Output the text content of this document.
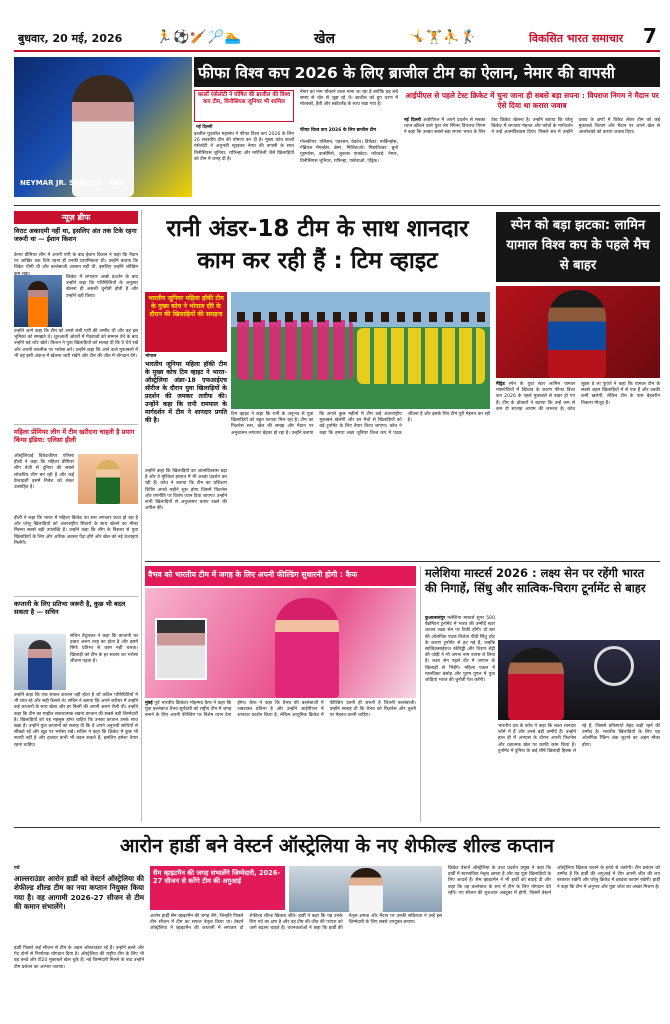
बुधवार, 20 मई, 2026	🏃⚽🏏🏸🏊	खेल	🤸🏋⛹🏌	विकसित भारत समाचार 7
फीफा विश्व कप 2026 के लिए ब्राजील टीम का ऐलान, नेमार की वापसी
NEYMAR JR. SANTOS · BRA
कार्लो एंसेलोटी ने घोषित की ब्राजील की विश्व कप टीम, विनीसियस जूनियर भी शामिल
नई दिल्ली
ब्राजील फुटबॉल महासंघ ने फीफा विश्व कप 2026 के लिए 26 सदस्यीय टीम की घोषणा कर दी है। मुख्य कोच कार्लो एंसेलोटी ने अनुभवी स्ट्राइकर नेमार की वापसी के साथ विनीसियस जूनियर, राफिन्हा और मार्टिनेली जैसे खिलाड़ियों को टीम में जगह दी है।
नेमार का नाम चौंकाने वाला माना जा रहा है क्योंकि वह लंबे समय से चोट से जूझ रहे थे। ब्राजील को ग्रुप चरण में मोरक्को, हैती और स्कॉटलैंड के साथ रखा गया है।
फीफा विश्व कप 2026 के लिए ब्राजील टीम
गोलकीपर: एलिसन, एडरसन, वेवर्टन। डिफेंडर: मार्किन्होस, गेब्रियल मैगल्हेस, ब्रेमर, मिलिटाओ। मिडफील्डर: ब्रूनो गुइमारेस, कासेमिरो, लुकास पाक्वेटा। फॉरवर्ड: नेमार, विनीसियस जूनियर, राफिन्हा, एस्टेवाओ, एंड्रिक।
आईपीएल से पहले टेस्ट क्रिकेट में चुना जाना ही सबसे बड़ा सपना : विपराज निगम ने मैदान पर ऐसे दिया था करारा जवाब
नई दिल्ली आईपीएल में अपने प्रदर्शन से सबका ध्यान खींचने वाले युवा लेग स्पिनर विपराज निगम ने कहा कि उनका सबसे बड़ा सपना भारत के लिए टेस्ट क्रिकेट खेलना है। उन्होंने बताया कि घरेलू क्रिकेट में लगातार मेहनत और कोचों के मार्गदर्शन ने उन्हें आत्मविश्वास दिया। पिछले सत्र में उन्होंने दबाव के क्षणों में विकेट लेकर टीम को कई मुकाबले जिताए और मैदान पर अपने खेल से आलोचकों को करारा जवाब दिया।
न्यूज़ ब्रीफ
विराट अकादमी नहीं था, इसलिए अंत तक टिके रहना जरूरी था — ईशान किशन
केन्या प्रीमियर लीग में अपनी पारी के बाद ईशान किशन ने कहा कि मैदान पर आखिर तक टिके रहना ही उनकी प्राथमिकता थी। उन्होंने बताया कि विकेट धीमी थी और बल्लेबाजी आसान नहीं थी, इसलिए उन्होंने जोखिम
क्रिकेट में लगातार अच्छे प्रदर्शन के बाद उन्होंने कहा कि परिस्थितियों के अनुसार खेलना ही असली चुनौती होती है और उन्होंने वही किया।
उन्होंने आगे कहा कि टीम को उनसे लंबी पारी की उम्मीद थी और वह इस भूमिका को समझते थे। शुरुआती ओवरों में गेंदबाजों को सम्मान देने के बाद उन्होंने बड़े शॉट खेले। किशन ने युवा खिलाड़ियों को सलाह दी कि वे धैर्य रखें और अपनी तकनीक पर भरोसा करें। उन्होंने कहा कि आने वाले मुकाबलों में भी वह इसी अंदाज में खेलना जारी रखेंगे और टीम की जीत में योगदान देंगे।
महिला प्रीमियर लीग में टीम खरीदना चाहती है प्रयाग किंग्स इंडिया: एलिसा हीली
ऑस्ट्रेलियाई विकेटकीपर एलिसा हीली ने कहा कि महिला प्रीमियर लीग तेजी से दुनिया की सबसे लोकप्रिय लीग बन रही है और कई फ्रेंचाइजी इसमें निवेश को लेकर उत्साहित हैं।
हीली ने कहा कि भारत में महिला क्रिकेट का स्तर लगातार ऊंचा हो रहा है और घरेलू खिलाड़ियों को अंतरराष्ट्रीय सितारों के साथ खेलने का मौका मिलना सबसे बड़ी उपलब्धि है। उन्होंने कहा कि लीग के विस्तार से युवा खिलाड़ियों के लिए और अधिक अवसर पैदा होंगे और खेल को नई ऊंचाइयां मिलेंगी।
कप्तानी के लिए प्रतिभा जरूरी है, कुछ भी बदल सकता है — सचिन
सचिन तेंदुलकर ने कहा कि कप्तानी का दबाव अलग तरह का होता है और इसमें सिर्फ प्रतिभा से काम नहीं चलता। खिलाड़ी को टीम के हर सदस्य का भरोसा जीतना पड़ता है।
उन्होंने कहा कि एक सफल कप्तान वही होता है जो कठिन परिस्थितियों में भी शांत रहे और सही फैसले ले। सचिन ने बताया कि अपने करियर में उन्होंने कई कप्तानों के साथ खेला और हर किसी की अपनी अलग शैली थी। उन्होंने कहा कि टीम का माहौल सकारात्मक रखना कप्तान की सबसे बड़ी जिम्मेदारी है। खिलाड़ियों को यह महसूस होना चाहिए कि उनका कप्तान उनके साथ खड़ा है। उन्होंने युवा कप्तानों को सलाह दी कि वे अपने अनुभवी साथियों से सीखते रहें और खुद पर भरोसा रखें। सचिन ने कहा कि क्रिकेट में कुछ भी स्थायी नहीं है और हालात कभी भी बदल सकते हैं, इसलिए हमेशा तैयार रहना चाहिए।
रानी अंडर-18 टीम के साथ शानदार काम कर रही हैं : टिम व्हाइट
भारतीय जूनियर महिला हॉकी टीम के मुख्य कोच ने भोपाल दौरे के दौरान की खिलाड़ियों की सराहना
भोपाल
भारतीय जूनियर महिला हॉकी टीम के मुख्य कोच टिम व्हाइट ने भारत-ऑस्ट्रेलिया अंडर-18 एफआईएच सीरीज के दौरान युवा खिलाड़ियों के प्रदर्शन की जमकर तारीफ की। उन्होंने कहा कि रानी रामपाल के मार्गदर्शन में टीम ने शानदार प्रगति की है।
उन्होंने कहा कि खिलाड़ियों का आत्मविश्वास बढ़ा है और वे मुश्किल हालात में भी अच्छा प्रदर्शन कर रही हैं। कोच ने बताया कि टीम का प्रशिक्षण शिविर अगले महीने शुरू होगा जिसमें फिटनेस और रणनीति पर विशेष ध्यान दिया जाएगा। उन्होंने सभी खिलाड़ियों से अनुशासन बनाए रखने की अपील की।
टिम व्हाइट ने कहा कि रानी के अनुभव से युवा खिलाड़ियों को बहुत फायदा मिल रहा है। टीम का फिटनेस स्तर, खेल की समझ और मैदान पर अनुशासन लगातार बेहतर हो रहा है। उन्होंने बताया कि अगले कुछ महीनों में टीम कई अंतरराष्ट्रीय मुकाबले खेलेगी और इन मैचों से खिलाड़ियों को बड़े टूर्नामेंट के लिए तैयार किया जाएगा। कोच ने कहा कि हमारा लक्ष्य जूनियर विश्व कप में पदक जीतना है और इसके लिए टीम पूरी मेहनत कर रही है।
स्पेन को बड़ा झटका: लामिन यामाल विश्व कप के पहले मैच से बाहर
मैड्रिड स्पेन के युवा स्टार लामिन यामाल मांसपेशियों में खिंचाव के कारण फीफा विश्व कप 2026 के पहले मुकाबले से बाहर हो गए हैं। टीम के डॉक्टरों ने बताया कि उन्हें कम से कम दो सप्ताह आराम की जरूरत है। कोच लुइस डे ला फुएंते ने कहा कि यामाल टीम के सबसे अहम खिलाड़ियों में से एक हैं और उनकी कमी खलेगी, लेकिन टीम के पास बेहतरीन विकल्प मौजूद हैं।
वैभव को भारतीय टीम में जगह के लिए अपनी फील्डिंग सुधारनी होगी : कैफ
मुंबई पूर्व भारतीय क्रिकेटर मोहम्मद कैफ ने कहा कि युवा बल्लेबाज वैभव सूर्यवंशी को राष्ट्रीय टीम में जगह बनाने के लिए अपनी फील्डिंग पर विशेष ध्यान देना होगा। कैफ ने कहा कि वैभव की बल्लेबाजी में जबरदस्त प्रतिभा है और उन्होंने आईपीएल में शानदार प्रदर्शन किया है, लेकिन आधुनिक क्रिकेट में फील्डिंग उतनी ही जरूरी है जितनी बल्लेबाजी। उन्होंने सलाह दी कि वैभव को फिटनेस और चुस्ती पर मेहनत करनी चाहिए।
मलेशिया मास्टर्स 2026 : लक्ष्य सेन पर रहेंगी भारत की निगाहें, सिंधु और सात्विक-चिराग टूर्नामेंट से बाहर
कुआलालंपुर मलेशिया मास्टर्स सुपर 500 बैडमिंटन टूर्नामेंट में भारत की उम्मीदें स्टार शटलर लक्ष्य सेन पर टिकी होंगी। दो बार की ओलंपिक पदक विजेता पीवी सिंधु चोट के कारण टूर्नामेंट से हट गई हैं, जबकि सात्विकसाईराज रंकीरेड्डी और चिराग शेट्टी की जोड़ी ने भी अपना नाम वापस ले लिया है। लक्ष्य सेन पहले दौर में जापान के खिलाड़ी से भिड़ेंगे। महिला एकल में मालविका बंसोड़ और पुरुष युगल में युवा जोड़ियां भारत की चुनौती पेश करेंगी।
भारतीय दल के कोच ने कहा कि लक्ष्य शानदार फॉर्म में हैं और उनसे बड़ी उम्मीदें हैं। उन्होंने हाल ही में अभ्यास के दौरान अपनी फिटनेस और रक्षात्मक खेल पर काफी काम किया है। टूर्नामेंट में दुनिया के कई शीर्ष खिलाड़ी हिस्सा ले रहे हैं, जिससे प्रतिस्पर्धा बेहद कड़ी रहने की उम्मीद है। भारतीय खिलाड़ियों के लिए यह ओलंपिक रैंकिंग अंक जुटाने का अहम मौका होगा।
आरोन हार्डी बने वेस्टर्न ऑस्ट्रेलिया के नए शेफील्ड शील्ड कप्तान
पर्थ
आल्लराउंडर आरोन हार्डी को वेस्टर्न ऑस्ट्रेलिया की शेफील्ड शील्ड टीम का नया कप्तान नियुक्त किया गया है। वह आगामी 2026-27 सीजन से टीम की कमान संभालेंगे।
हार्डी पिछले कई सीजन से टीम के अहम ऑलराउंडर रहे हैं। उन्होंने बल्ले और गेंद दोनों से निर्णायक योगदान दिया है। ऑस्ट्रेलिया की राष्ट्रीय टीम के लिए भी वह वनडे और टी20 मुकाबले खेल चुके हैं। नई जिम्मेदारी मिलने के बाद उन्होंने टीम प्रबंधन का आभार जताया।
सैम व्हाइटमैन की जगह संभालेंगे जिम्मेदारी, 2026-27 सीजन से करेंगे टीम की अगुआई
आरोन हार्डी सैम व्हाइटमैन की जगह लेंगे, जिन्होंने पिछले तीन सीजन में टीम का सफल नेतृत्व किया था। वेस्टर्न ऑस्ट्रेलिया ने व्हाइटमैन की कप्तानी में लगातार दो शेफील्ड शील्ड खिताब जीते। हार्डी ने कहा कि यह उनके लिए गर्व का क्षण है और वह टीम की जीत की परंपरा को आगे बढ़ाना चाहते हैं। चयनकर्ताओं ने कहा कि हार्डी की नेतृत्व क्षमता और मैदान पर उनकी सक्रियता ने उन्हें इस जिम्मेदारी के लिए सबसे उपयुक्त बनाया।
क्रिकेट वेस्टर्न ऑस्ट्रेलिया के उच्च प्रदर्शन प्रमुख ने कहा कि हार्डी में स्वाभाविक नेतृत्व क्षमता है और वह युवा खिलाड़ियों के लिए आदर्श हैं। सैम व्हाइटमैन ने भी हार्डी को बधाई दी और कहा कि वह बल्लेबाज के रूप में टीम के लिए योगदान देते रहेंगे। नए सीजन की शुरुआत अक्टूबर में होगी, जिसमें वेस्टर्न ऑस्ट्रेलिया खिताब बचाने के इरादे से उतरेगी। टीम प्रबंधन को उम्मीद है कि हार्डी की अगुआई में टीम अपनी जीत की लय बरकरार रखेगी और घरेलू क्रिकेट में दबदबा कायम रखेगी। हार्डी ने कहा कि टीम में अनुभव और युवा जोश का अच्छा मिश्रण है।
